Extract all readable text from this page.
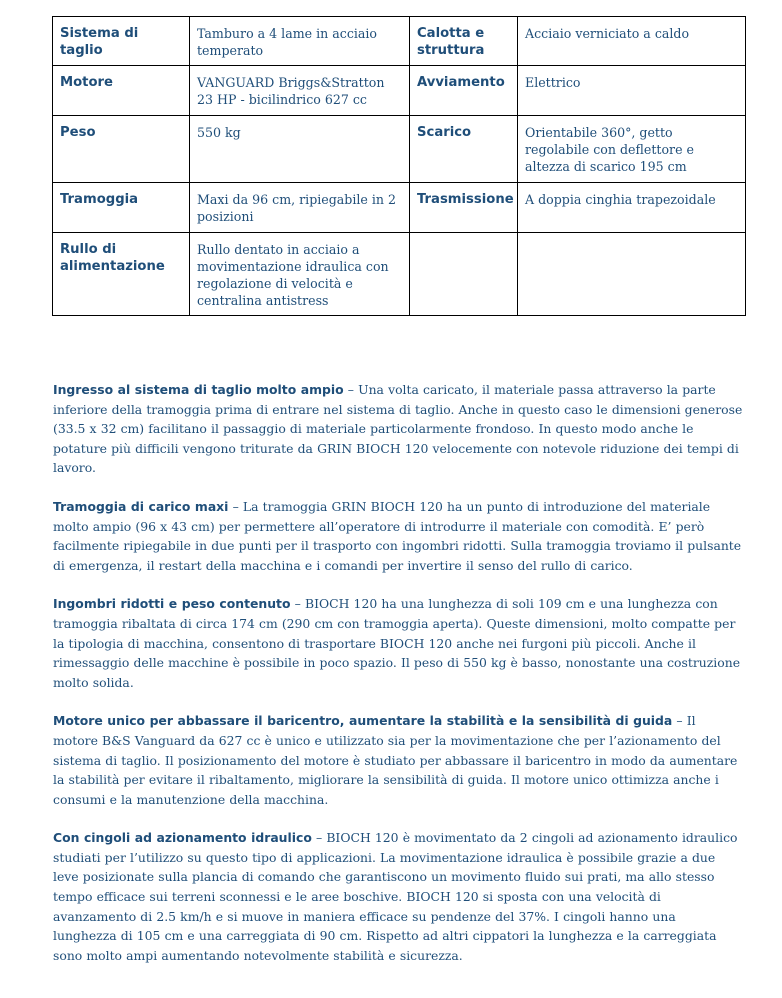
Sistema di taglio	Tamburo a 4 lame in acciaio temperato	Calotta e struttura	Acciaio verniciato a caldo
Motore	VANGUARD Briggs&Stratton 23 HP - bicilindrico 627 cc	Avviamento	Elettrico
Peso	550 kg	Scarico	Orientabile 360°, getto regolabile con deflettore e altezza di scarico 195 cm
Tramoggia	Maxi da 96 cm, ripiegabile in 2 posizioni	Trasmissione	A doppia cinghia trapezoidale
Rullo di alimentazione	Rullo dentato in acciaio a movimentazione idraulica con regolazione di velocità e centralina antistress		

Ingresso al sistema di taglio molto ampio – Una volta caricato, il materiale passa attraverso la parte inferiore della tramoggia prima di entrare nel sistema di taglio. Anche in questo caso le dimensioni generose (33.5 x 32 cm) facilitano il passaggio di materiale particolarmente frondoso. In questo modo anche le potature più difficili vengono triturate da GRIN BIOCH 120 velocemente con notevole riduzione dei tempi di lavoro.

Tramoggia di carico maxi – La tramoggia GRIN BIOCH 120 ha un punto di introduzione del materiale molto ampio (96 x 43 cm) per permettere all’operatore di introdurre il materiale con comodità. E’ però facilmente ripiegabile in due punti per il trasporto con ingombri ridotti. Sulla tramoggia troviamo il pulsante di emergenza, il restart della macchina e i comandi per invertire il senso del rullo di carico.

Ingombri ridotti e peso contenuto – BIOCH 120 ha una lunghezza di soli 109 cm e una lunghezza con tramoggia ribaltata di circa 174 cm (290 cm con tramoggia aperta). Queste dimensioni, molto compatte per la tipologia di macchina, consentono di trasportare BIOCH 120 anche nei furgoni più piccoli. Anche il rimessaggio delle macchine è possibile in poco spazio. Il peso di 550 kg è basso, nonostante una costruzione molto solida.

Motore unico per abbassare il baricentro, aumentare la stabilità e la sensibilità di guida – Il motore B&S Vanguard da 627 cc è unico e utilizzato sia per la movimentazione che per l’azionamento del sistema di taglio. Il posizionamento del motore è studiato per abbassare il baricentro in modo da aumentare la stabilità per evitare il ribaltamento, migliorare la sensibilità di guida. Il motore unico ottimizza anche i consumi e la manutenzione della macchina.

Con cingoli ad azionamento idraulico – BIOCH 120 è movimentato da 2 cingoli ad azionamento idraulico studiati per l’utilizzo su questo tipo di applicazioni. La movimentazione idraulica è possibile grazie a due leve posizionate sulla plancia di comando che garantiscono un movimento fluido sui prati, ma allo stesso tempo efficace sui terreni sconnessi e le aree boschive. BIOCH 120 si sposta con una velocità di avanzamento di 2.5 km/h e si muove in maniera efficace su pendenze del 37%. I cingoli hanno una lunghezza di 105 cm e una carreggiata di 90 cm. Rispetto ad altri cippatori la lunghezza e la carreggiata sono molto ampi aumentando notevolmente stabilità e sicurezza.
